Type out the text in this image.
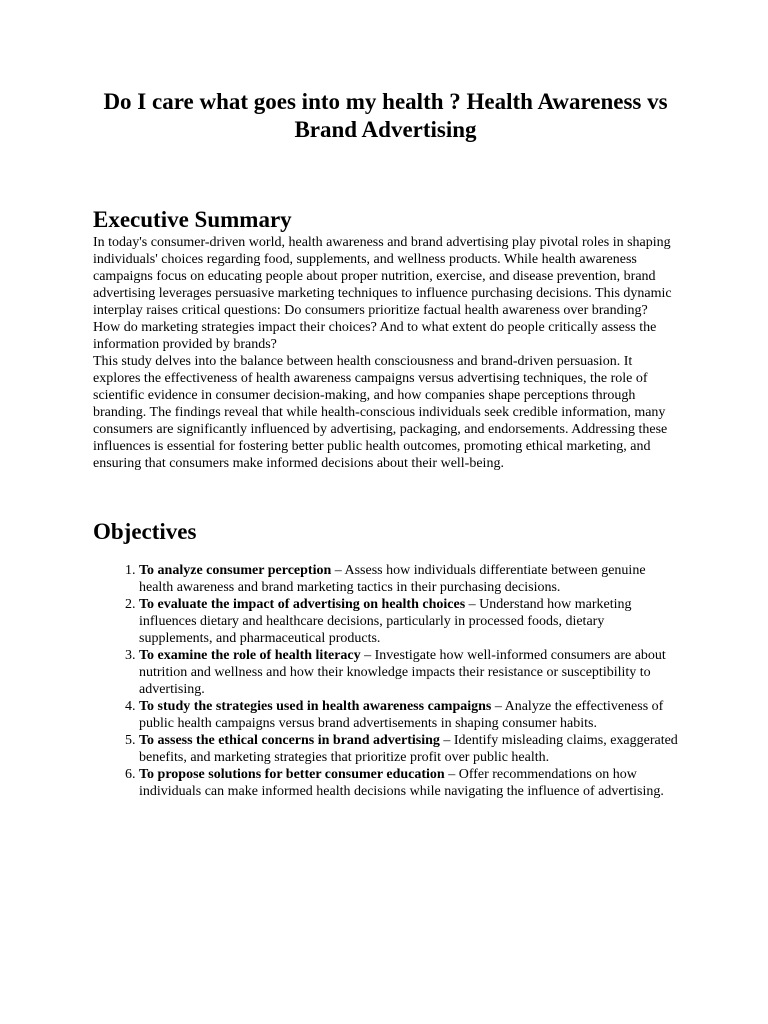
Do I care what goes into my health ? Health Awareness vs Brand Advertising
Executive Summary

In today's consumer-driven world, health awareness and brand advertising play pivotal roles in shaping individuals' choices regarding food, supplements, and wellness products. While health awareness campaigns focus on educating people about proper nutrition, exercise, and disease prevention, brand advertising leverages persuasive marketing techniques to influence purchasing decisions. This dynamic interplay raises critical questions: Do consumers prioritize factual health awareness over branding? How do marketing strategies impact their choices? And to what extent do people critically assess the information provided by brands?

This study delves into the balance between health consciousness and brand-driven persuasion. It explores the effectiveness of health awareness campaigns versus advertising techniques, the role of scientific evidence in consumer decision-making, and how companies shape perceptions through branding. The findings reveal that while health-conscious individuals seek credible information, many consumers are significantly influenced by advertising, packaging, and endorsements. Addressing these influences is essential for fostering better public health outcomes, promoting ethical marketing, and ensuring that consumers make informed decisions about their well-being.

Objectives
1. To analyze consumer perception – Assess how individuals differentiate between genuine health awareness and brand marketing tactics in their purchasing decisions.
2. To evaluate the impact of advertising on health choices – Understand how marketing influences dietary and healthcare decisions, particularly in processed foods, dietary supplements, and pharmaceutical products.
3. To examine the role of health literacy – Investigate how well-informed consumers are about nutrition and wellness and how their knowledge impacts their resistance or susceptibility to advertising.
4. To study the strategies used in health awareness campaigns – Analyze the effectiveness of public health campaigns versus brand advertisements in shaping consumer habits.
5. To assess the ethical concerns in brand advertising – Identify misleading claims, exaggerated benefits, and marketing strategies that prioritize profit over public health.
6. To propose solutions for better consumer education – Offer recommendations on how individuals can make informed health decisions while navigating the influence of advertising.
